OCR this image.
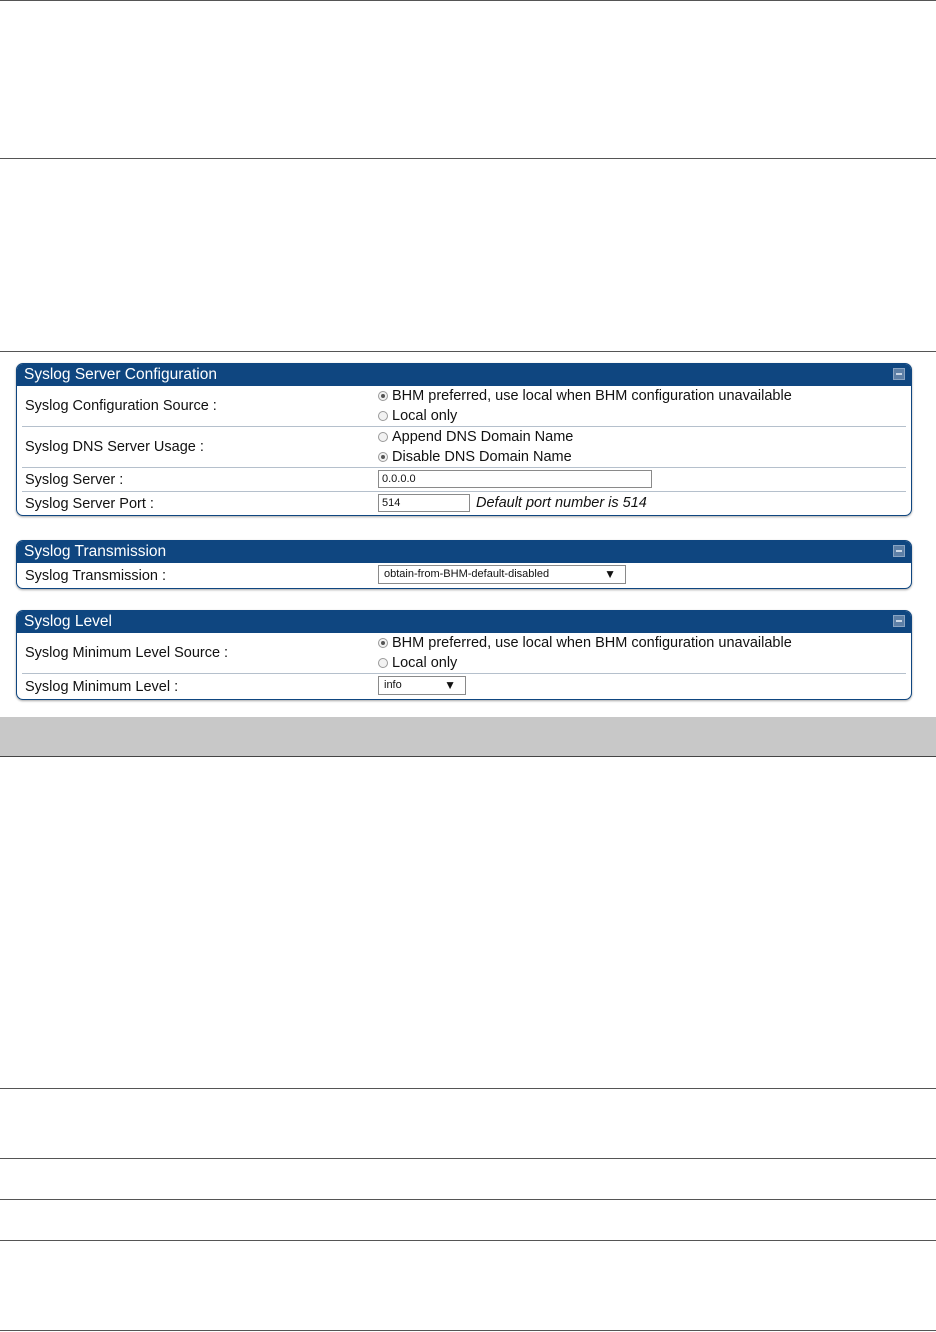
Syslog Server Configuration
Syslog Configuration Source :
BHM preferred, use local when BHM configuration unavailable
Local only
Syslog DNS Server Usage :
Append DNS Domain Name
Disable DNS Domain Name
Syslog Server :
0.0.0.0
Syslog Server Port :
514	Default port number is 514
Syslog Transmission
Syslog Transmission :	obtain-from-BHM-default-disabled	▼
Syslog Level
Syslog Minimum Level Source :
BHM preferred, use local when BHM configuration unavailable
Local only
Syslog Minimum Level :	info	▼
